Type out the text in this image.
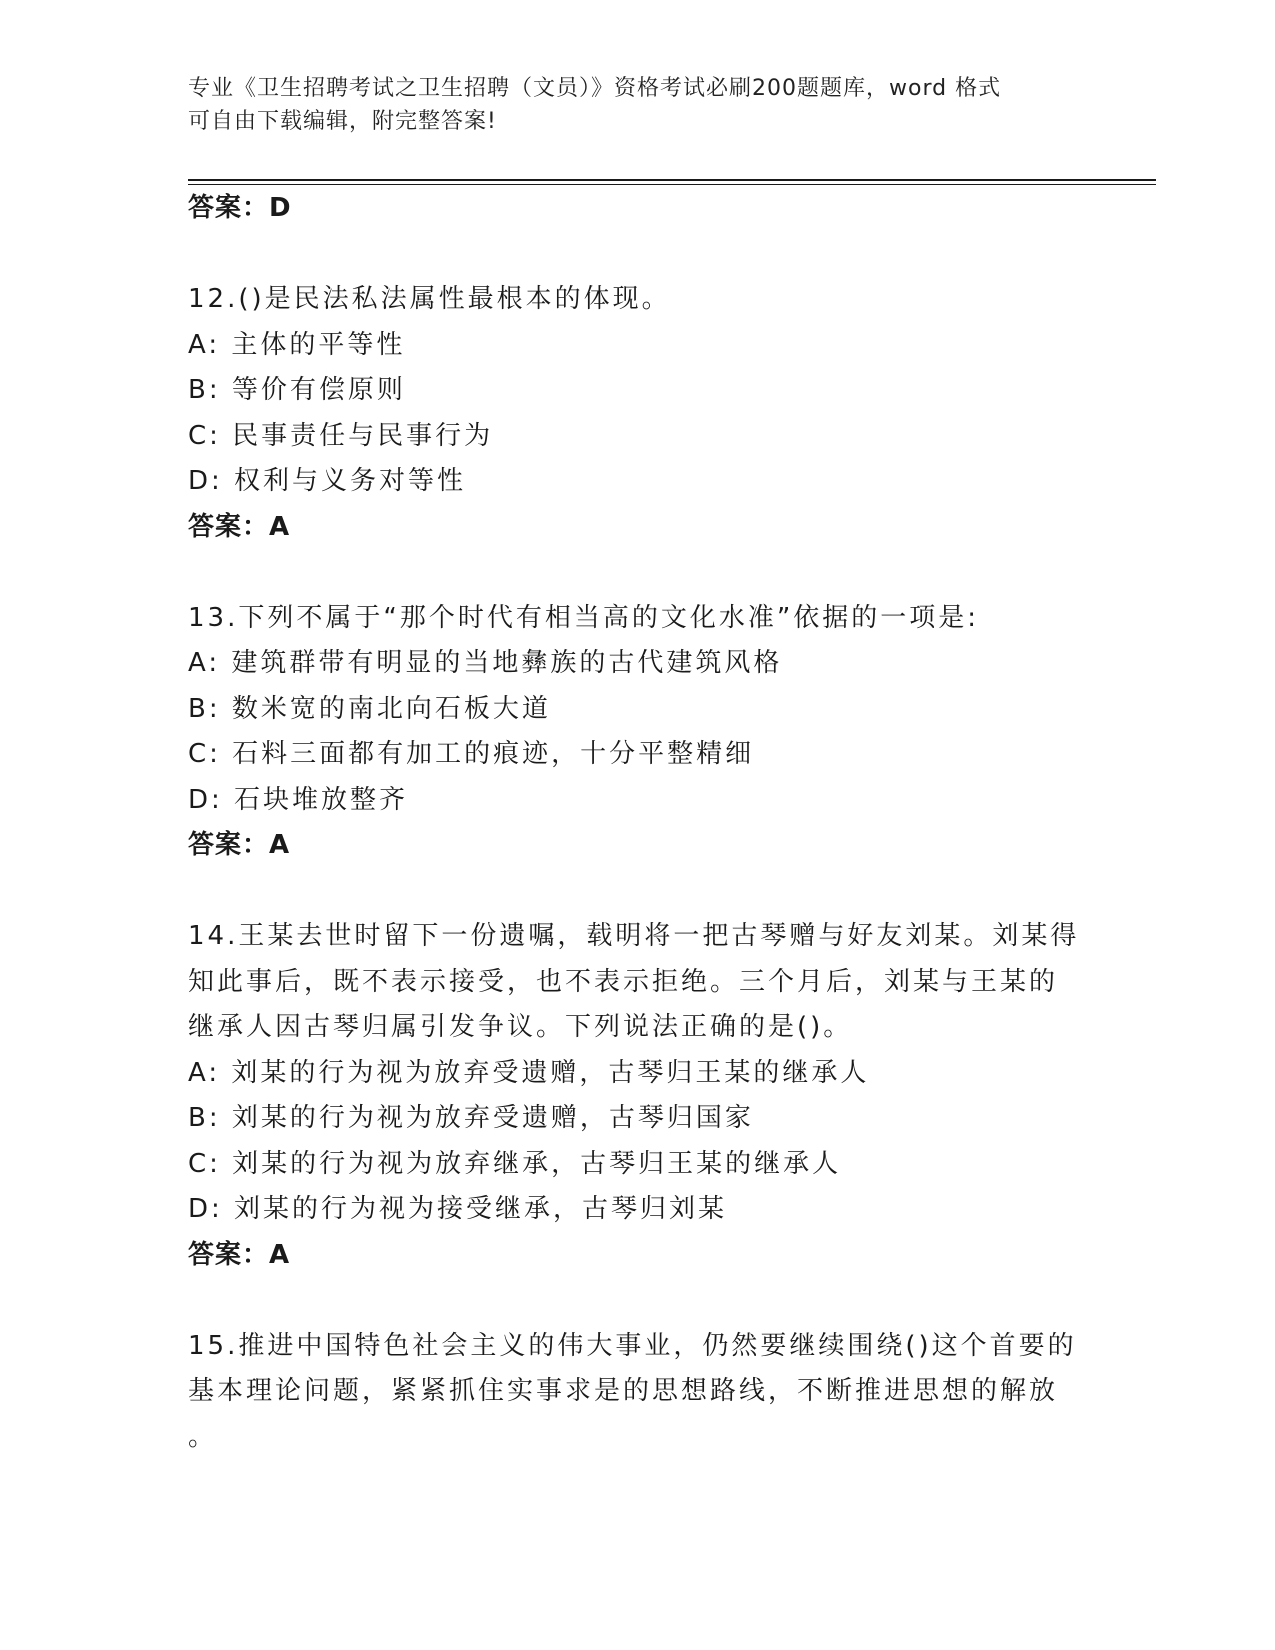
专业《卫生招聘考试之卫生招聘（文员）》资格考试必刷200题题库，word 格式
可自由下载编辑，附完整答案!
答案：D
12.()是民法私法属性最根本的体现。
A: 主体的平等性
B: 等价有偿原则
C: 民事责任与民事行为
D: 权利与义务对等性
答案：A
13.下列不属于“那个时代有相当高的文化水准”依据的一项是:
A: 建筑群带有明显的当地彝族的古代建筑风格
B: 数米宽的南北向石板大道
C: 石料三面都有加工的痕迹，十分平整精细
D: 石块堆放整齐
答案：A
14.王某去世时留下一份遗嘱，载明将一把古琴赠与好友刘某。刘某得
知此事后，既不表示接受，也不表示拒绝。三个月后，刘某与王某的
继承人因古琴归属引发争议。下列说法正确的是()。
A: 刘某的行为视为放弃受遗赠，古琴归王某的继承人
B: 刘某的行为视为放弃受遗赠，古琴归国家
C: 刘某的行为视为放弃继承，古琴归王某的继承人
D: 刘某的行为视为接受继承，古琴归刘某
答案：A
15.推进中国特色社会主义的伟大事业，仍然要继续围绕()这个首要的
基本理论问题，紧紧抓住实事求是的思想路线，不断推进思想的解放
。
